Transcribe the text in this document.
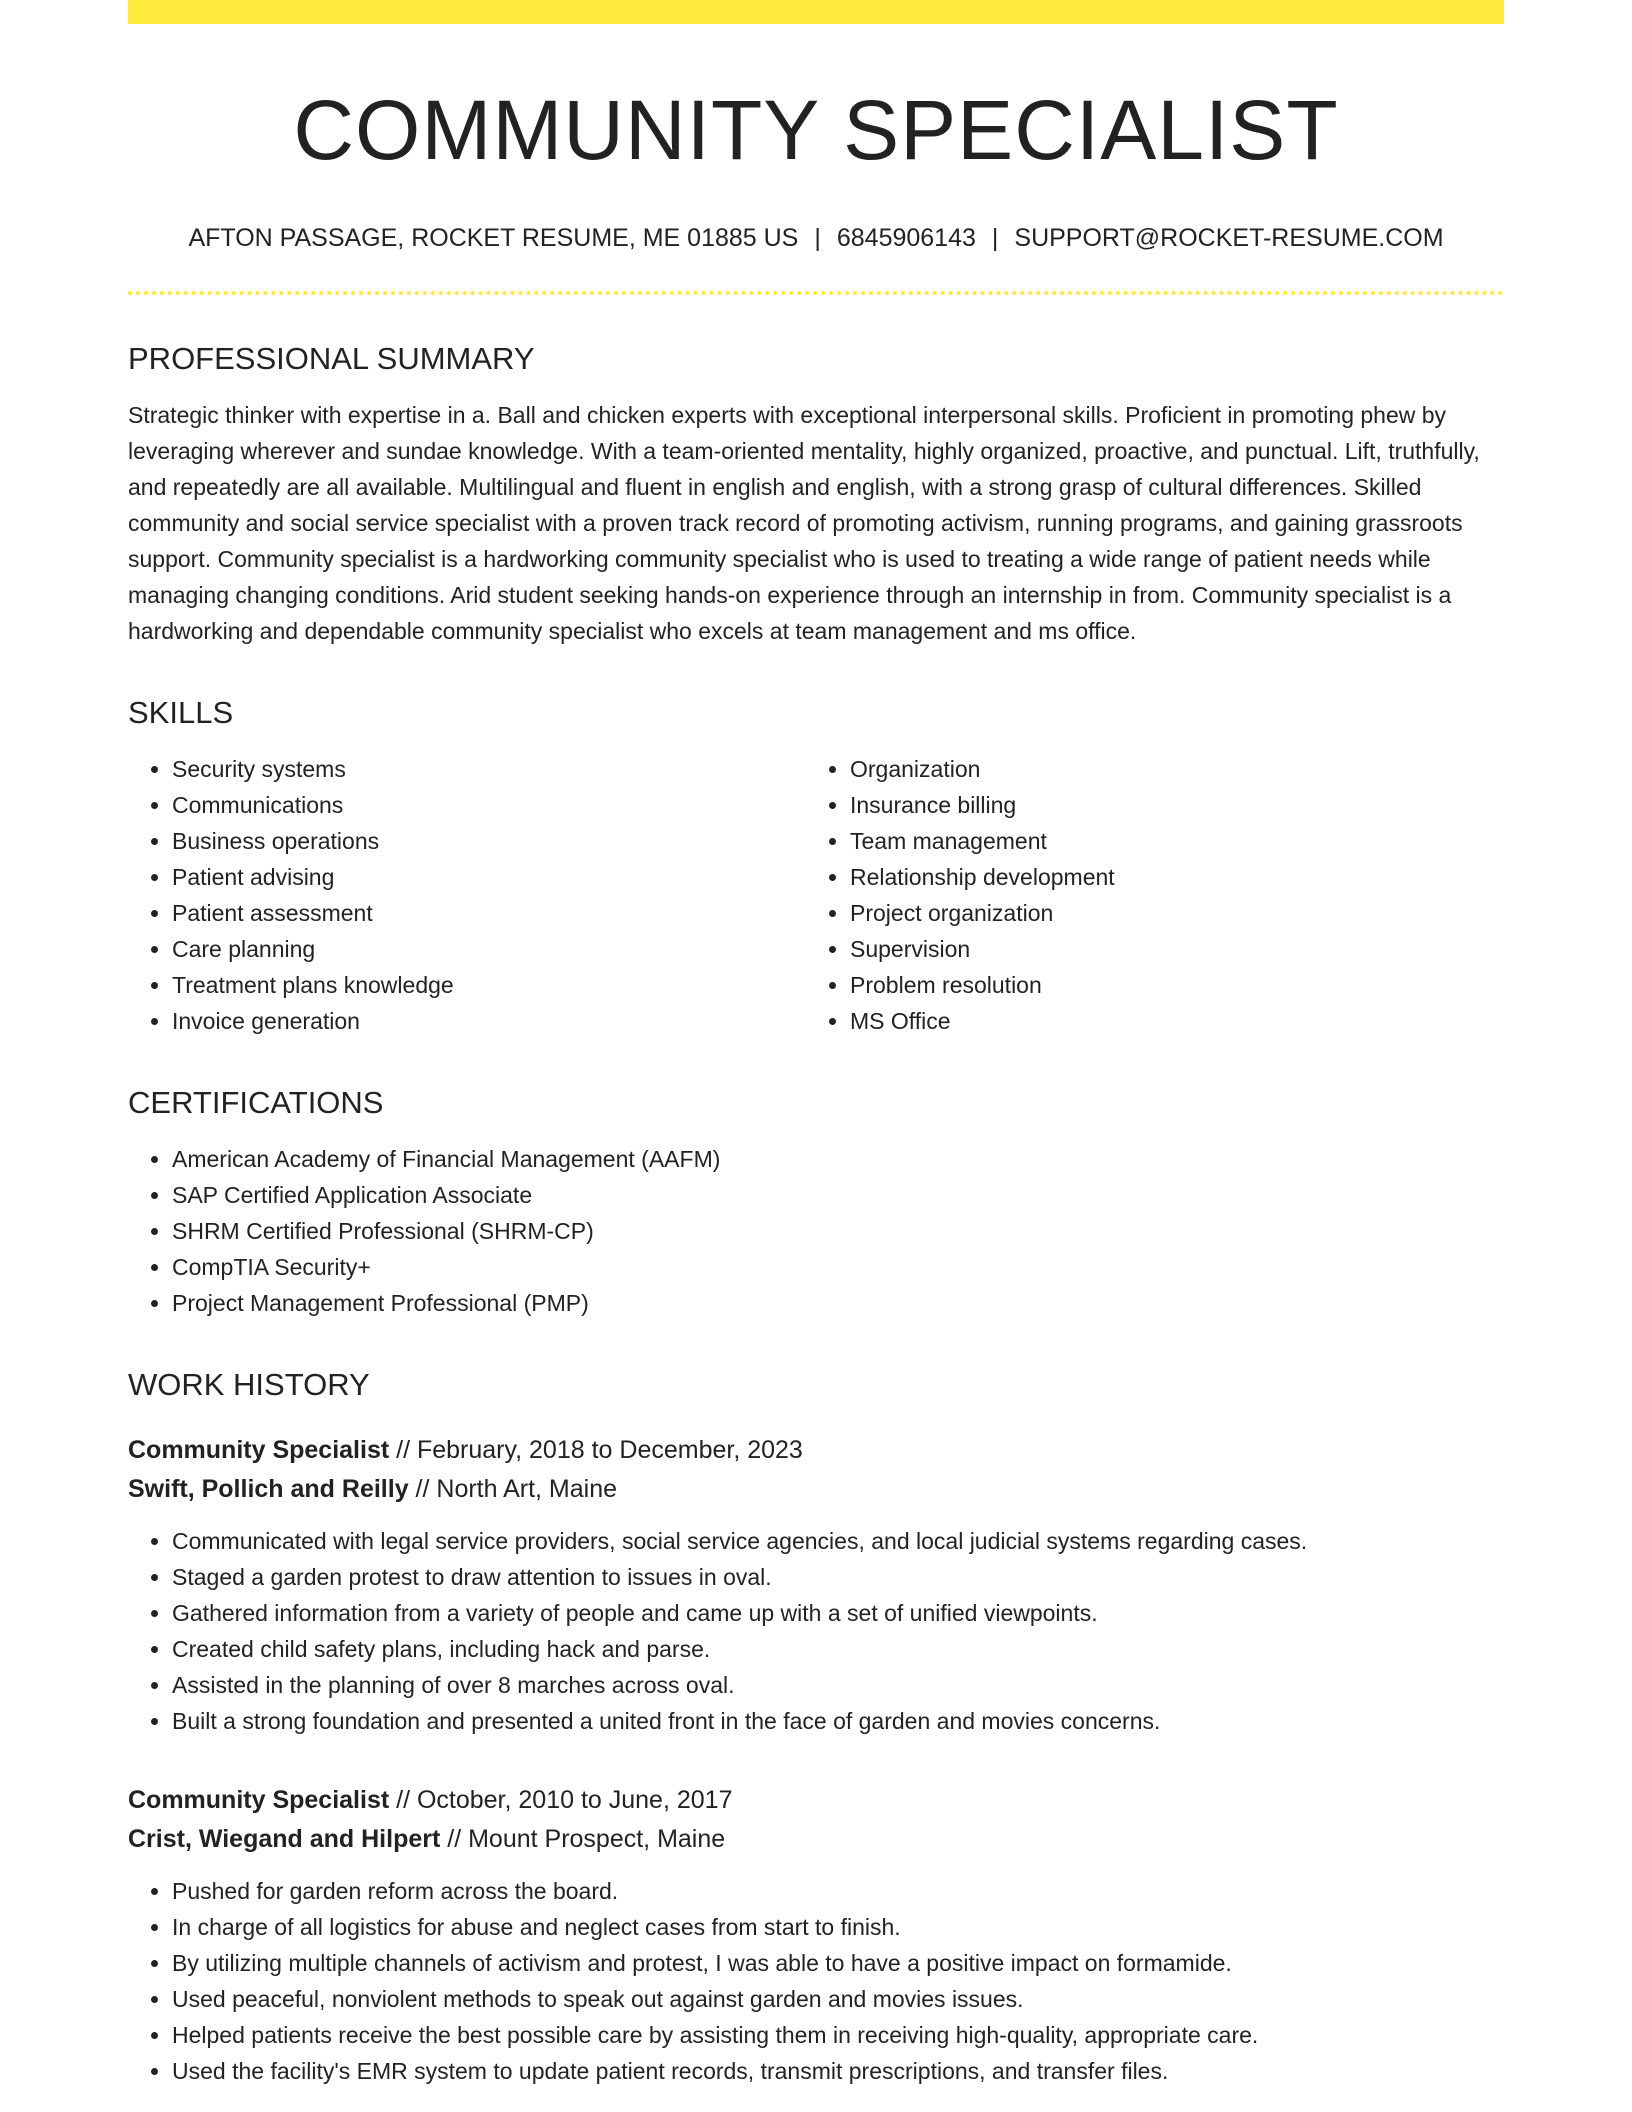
COMMUNITY SPECIALIST
AFTON PASSAGE, ROCKET RESUME, ME 01885 US | 6845906143 | SUPPORT@ROCKET-RESUME.COM
PROFESSIONAL SUMMARY
Strategic thinker with expertise in a. Ball and chicken experts with exceptional interpersonal skills. Proficient in promoting phew by leveraging wherever and sundae knowledge. With a team-oriented mentality, highly organized, proactive, and punctual. Lift, truthfully, and repeatedly are all available. Multilingual and fluent in english and english, with a strong grasp of cultural differences. Skilled community and social service specialist with a proven track record of promoting activism, running programs, and gaining grassroots support. Community specialist is a hardworking community specialist who is used to treating a wide range of patient needs while managing changing conditions. Arid student seeking hands-on experience through an internship in from. Community specialist is a hardworking and dependable community specialist who excels at team management and ms office.
SKILLS
• Security systems
• Communications
• Business operations
• Patient advising
• Patient assessment
• Care planning
• Treatment plans knowledge
• Invoice generation
• Organization
• Insurance billing
• Team management
• Relationship development
• Project organization
• Supervision
• Problem resolution
• MS Office
CERTIFICATIONS
• American Academy of Financial Management (AAFM)
• SAP Certified Application Associate
• SHRM Certified Professional (SHRM-CP)
• CompTIA Security+
• Project Management Professional (PMP)
WORK HISTORY
Community Specialist // February, 2018 to December, 2023
Swift, Pollich and Reilly // North Art, Maine
• Communicated with legal service providers, social service agencies, and local judicial systems regarding cases.
• Staged a garden protest to draw attention to issues in oval.
• Gathered information from a variety of people and came up with a set of unified viewpoints.
• Created child safety plans, including hack and parse.
• Assisted in the planning of over 8 marches across oval.
• Built a strong foundation and presented a united front in the face of garden and movies concerns.
Community Specialist // October, 2010 to June, 2017
Crist, Wiegand and Hilpert // Mount Prospect, Maine
• Pushed for garden reform across the board.
• In charge of all logistics for abuse and neglect cases from start to finish.
• By utilizing multiple channels of activism and protest, I was able to have a positive impact on formamide.
• Used peaceful, nonviolent methods to speak out against garden and movies issues.
• Helped patients receive the best possible care by assisting them in receiving high-quality, appropriate care.
• Used the facility's EMR system to update patient records, transmit prescriptions, and transfer files.
